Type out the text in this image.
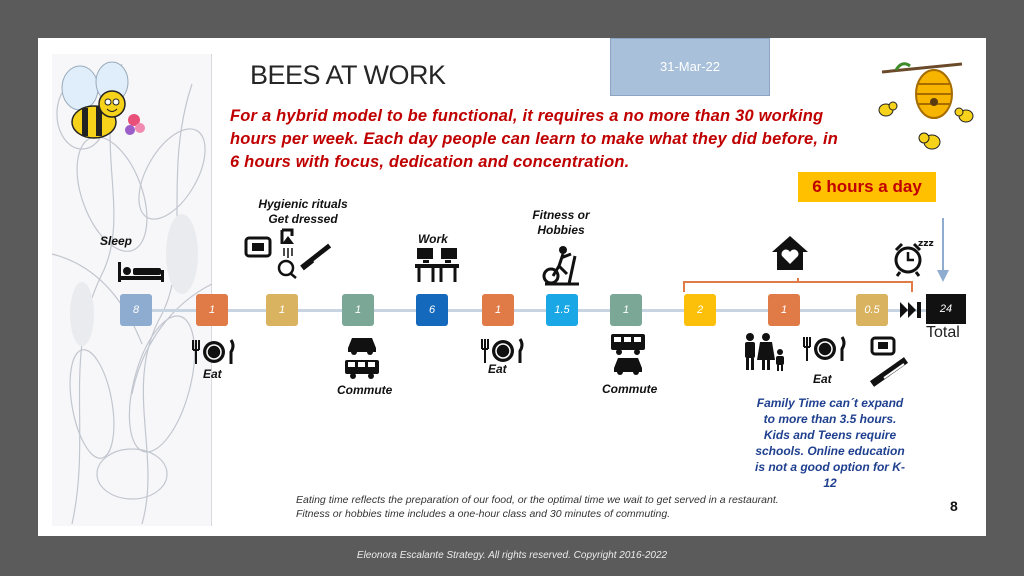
BEES AT WORK	31-Mar-22
For a hybrid model to be functional, it requires a no more than 30 working hours per week. Each day people can learn to make what they did before, in 6 hours with focus, dedication and concentration.
6 hours a day
Sleep
Hygienic rituals
Get dressed
Work
Fitness or
Hobbies
zzz
8	1	1	1	6	1	1.5	1	2	1	0.5	24
Total
Eat
Commute
Eat
Commute
Eat
Family Time can´t expand to more than 3.5 hours. Kids and Teens require schools. Online education is not a good option for K-12
Eating time reflects the preparation of our food, or the optimal time we wait to get served in a restaurant.
Fitness or hobbies time includes a one-hour class and 30 minutes of commuting.	8
Eleonora Escalante Strategy. All rights reserved. Copyright 2016-2022
